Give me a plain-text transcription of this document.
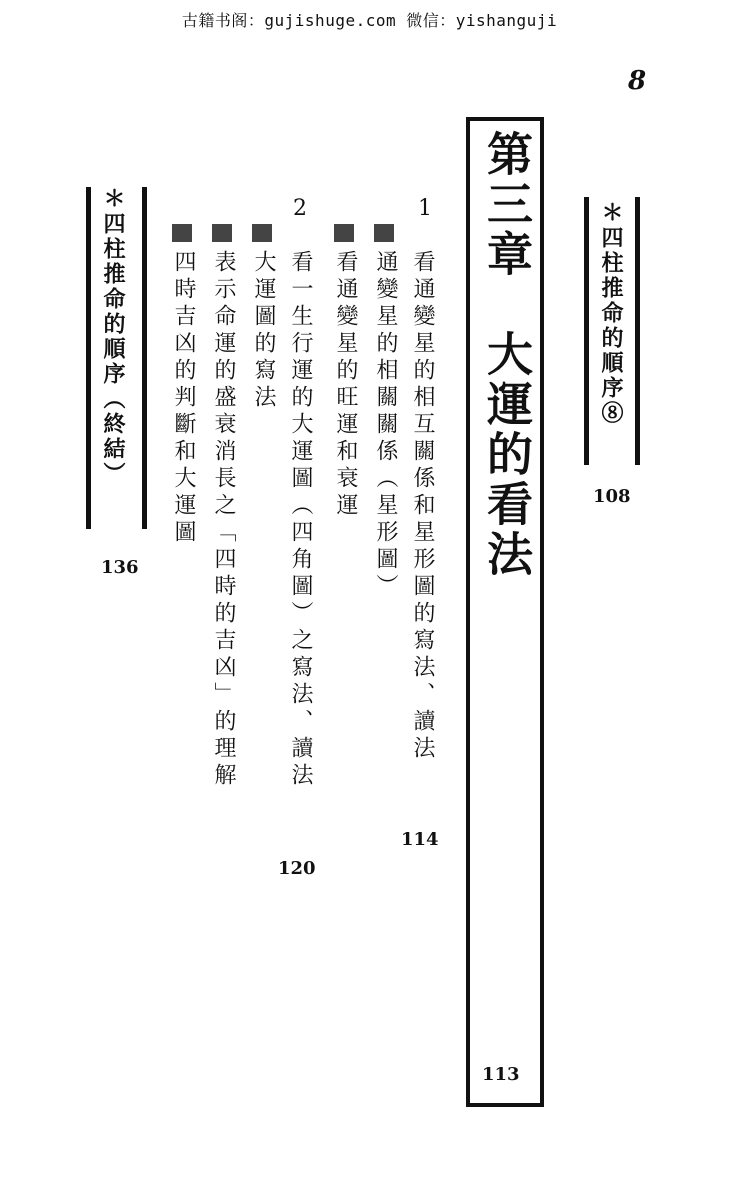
古籍书阁：gujishuge.com 微信：yishanguji
8
＊四柱推命的順序⑧
108
第三章　大運的看法
113
1
看通變星的相互關係和星形圖的寫法、讀法
114
通變星的相關關係（星形圖）
看通變星的旺運和衰運
2
看一生行運的大運圖（四角圖）之寫法、讀法
120
大運圖的寫法
表示命運的盛衰消長之「四時的吉凶」的理解
四時吉凶的判斷和大運圖
＊四柱推命的順序（終結）
136
